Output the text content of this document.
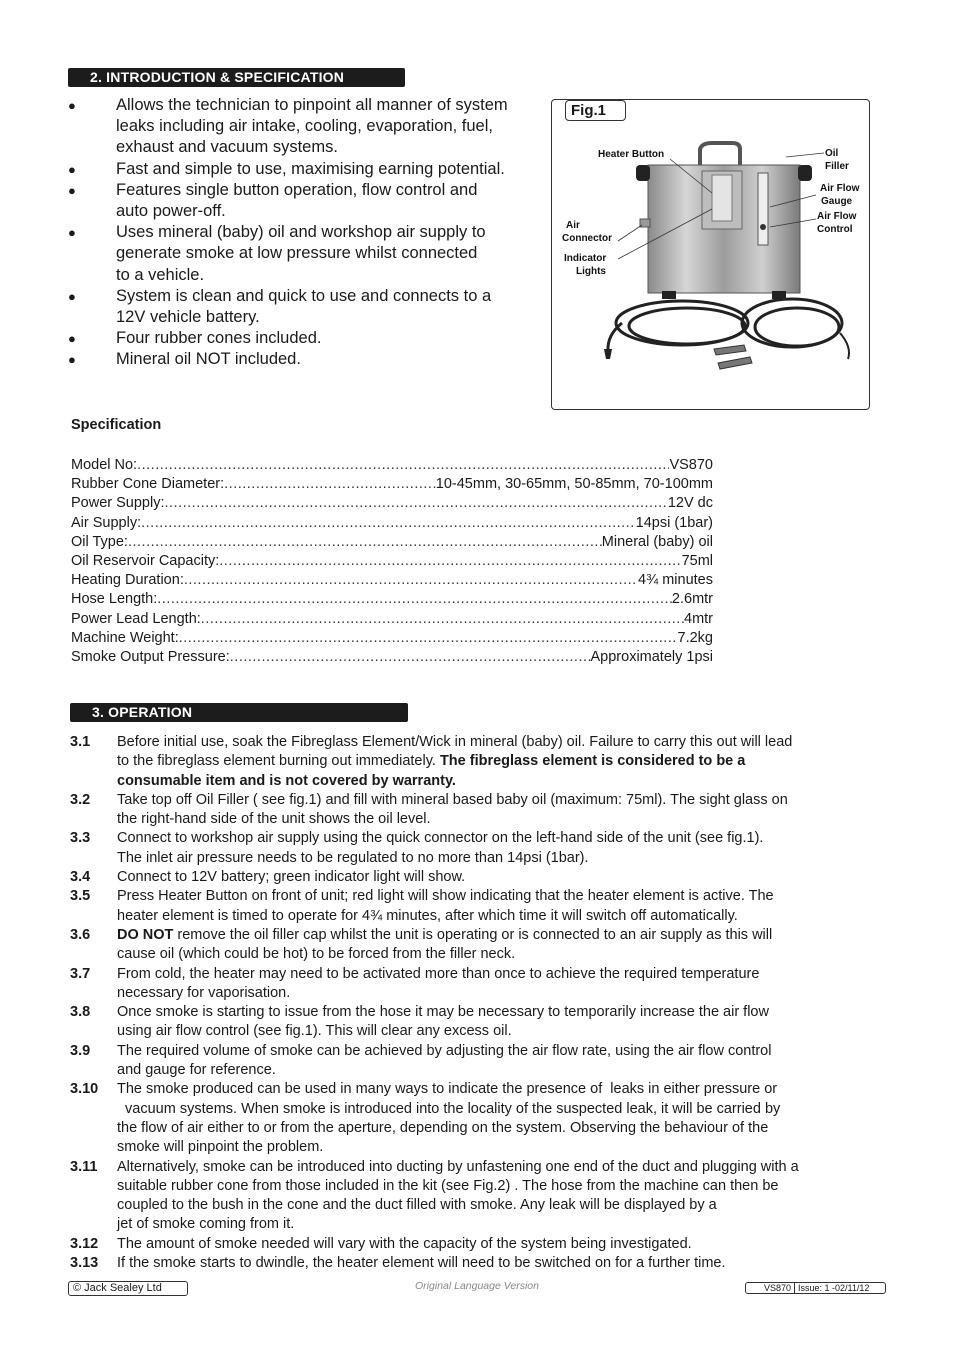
2. INTRODUCTION & SPECIFICATION
● Allows the technician to pinpoint all manner of system
leaks including air intake, cooling, evaporation, fuel,
exhaust and vacuum systems.
● Fast and simple to use, maximising earning potential.
● Features single button operation, flow control and
auto power-off.
● Uses mineral (baby) oil and workshop air supply to
generate smoke at low pressure whilst connected
to a vehicle.
● System is clean and quick to use and connects to a
12V vehicle battery.
● Four rubber cones included.
● Mineral oil NOT included.
Fig.1
Heater Button	Oil
Filler
Air Flow
Gauge
Air Flow
Control
Air
Connector
Indicator
Lights
Specification
Model No: .....	VS870
Rubber Cone Diameter: .....	10-45mm, 30-65mm, 50-85mm, 70-100mm
Power Supply: .....	12V dc
Air Supply: .....	14psi (1bar)
Oil Type: .....	Mineral (baby) oil
Oil Reservoir Capacity: .....	75ml
Heating Duration: .....	4¾ minutes
Hose Length: .....	2.6mtr
Power Lead Length: .....	4mtr
Machine Weight: .....	7.2kg
Smoke Output Pressure: .....	Approximately 1psi
3. OPERATION
3.1	Before initial use, soak the Fibreglass Element/Wick in mineral (baby) oil. Failure to carry this out will lead
to the fibreglass element burning out immediately. The fibreglass element is considered to be a
consumable item and is not covered by warranty.
3.2	Take top off Oil Filler ( see fig.1) and fill with mineral based baby oil (maximum: 75ml). The sight glass on
the right-hand side of the unit shows the oil level.
3.3	Connect to workshop air supply using the quick connector on the left-hand side of the unit (see fig.1).
The inlet air pressure needs to be regulated to no more than 14psi (1bar).
3.4	Connect to 12V battery; green indicator light will show.
3.5	Press Heater Button on front of unit; red light will show indicating that the heater element is active. The
heater element is timed to operate for 4¾ minutes, after which time it will switch off automatically.
3.6	DO NOT remove the oil filler cap whilst the unit is operating or is connected to an air supply as this will
cause oil (which could be hot) to be forced from the filler neck.
3.7	From cold, the heater may need to be activated more than once to achieve the required temperature
necessary for vaporisation.
3.8	Once smoke is starting to issue from the hose it may be necessary to temporarily increase the air flow
using air flow control (see fig.1). This will clear any excess oil.
3.9	The required volume of smoke can be achieved by adjusting the air flow rate, using the air flow control
and gauge for reference.
3.10	The smoke produced can be used in many ways to indicate the presence of  leaks in either pressure or
vacuum systems. When smoke is introduced into the locality of the suspected leak, it will be carried by
the flow of air either to or from the aperture, depending on the system. Observing the behaviour of the
smoke will pinpoint the problem.
3.11	Alternatively, smoke can be introduced into ducting by unfastening one end of the duct and plugging with a
suitable rubber cone from those included in the kit (see Fig.2) . The hose from the machine can then be
coupled to the bush in the cone and the duct filled with smoke. Any leak will be displayed by a
jet of smoke coming from it.
3.12	The amount of smoke needed will vary with the capacity of the system being investigated.
3.13	If the smoke starts to dwindle, the heater element will need to be switched on for a further time.
© Jack Sealey Ltd	Original Language Version	VS870 Issue: 1 -02/11/12
